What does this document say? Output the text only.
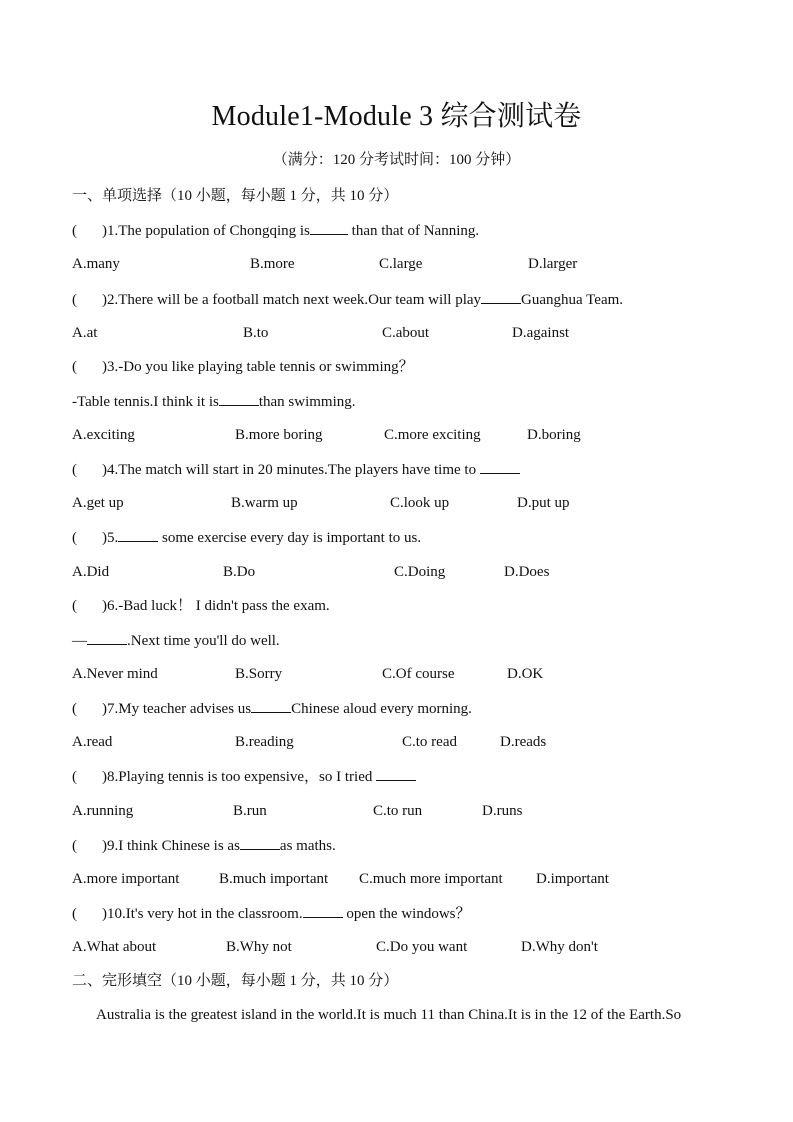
Module1-Module 3 综合测试卷
（满分：120 分考试时间：100 分钟）
一、单项选择（10 小题，每小题 1 分，共 10 分）
( )1.The population of Chongqing is	than that of Nanning.
A.many	B.more	C.large	D.larger
( )2.There will be a football match next week.Our team will play	Guanghua Team.
A.at	B.to	C.about	D.against
( )3.-Do you like playing table tennis or swimming？
-Table tennis.I think it is	than swimming.
A.exciting	B.more boring	C.more exciting	D.boring
( )4.The match will start in 20 minutes.The players have time to
A.get up	B.warm up	C.look up	D.put up
( )5.	some exercise every day is important to us.
A.Did	B.Do	C.Doing	D.Does
( )6.-Bad luck！ I didn't pass the exam.
—	.Next time you'll do well.
A.Never mind	B.Sorry	C.Of course	D.OK
( )7.My teacher advises us	Chinese aloud every morning.
A.read	B.reading	C.to read	D.reads
( )8.Playing tennis is too expensive，so I tried
A.running	B.run	C.to run	D.runs
( )9.I think Chinese is as	as maths.
A.more important	B.much important C.much more important D.important
( )10.It's very hot in the classroom.	open the windows？
A.What about	B.Why not	C.Do you want	D.Why don't
二、完形填空（10 小题，每小题 1 分，共 10 分）
Australia is the greatest island in the world.It is much 11 than China.It is in the 12 of the Earth.So
